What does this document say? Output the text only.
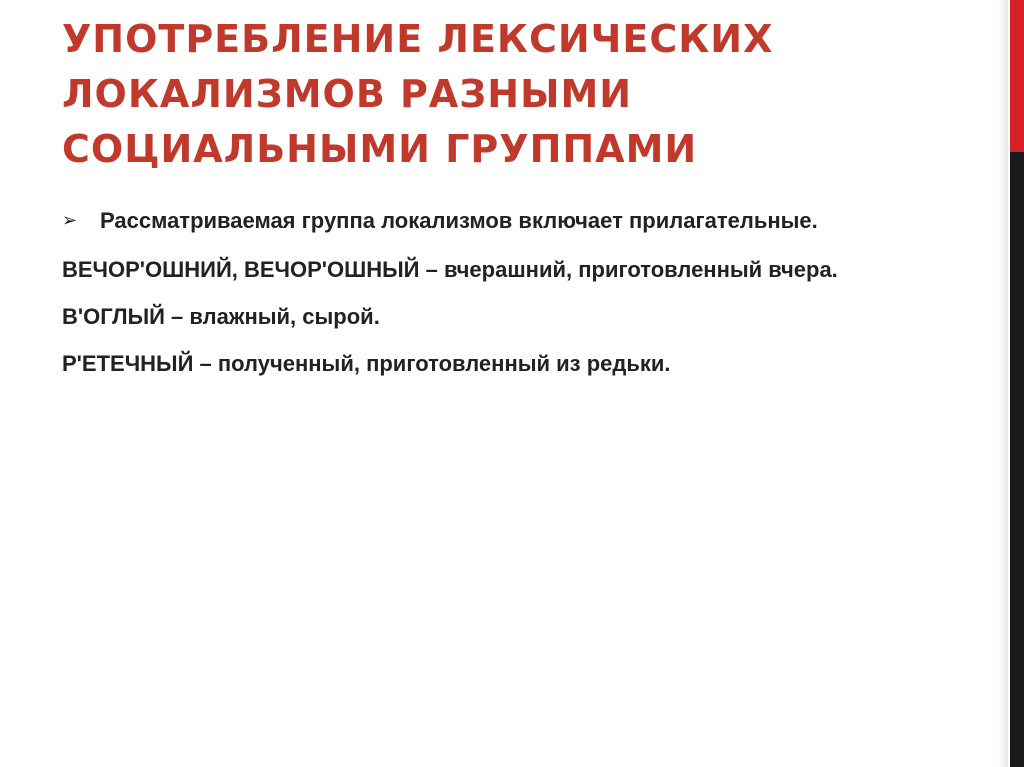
УПОТРЕБЛЕНИЕ ЛЕКСИЧЕСКИХ
ЛОКАЛИЗМОВ РАЗНЫМИ
СОЦИАЛЬНЫМИ ГРУППАМИ
➢	Рассматриваемая группа локализмов включает прилагательные.

ВЕЧОР'ОШНИЙ, ВЕЧОР'ОШНЫЙ – вчерашний, приготовленный вчера.

В'ОГЛЫЙ – влажный, сырой.

Р'ЕТЕЧНЫЙ – полученный, приготовленный из редьки.
